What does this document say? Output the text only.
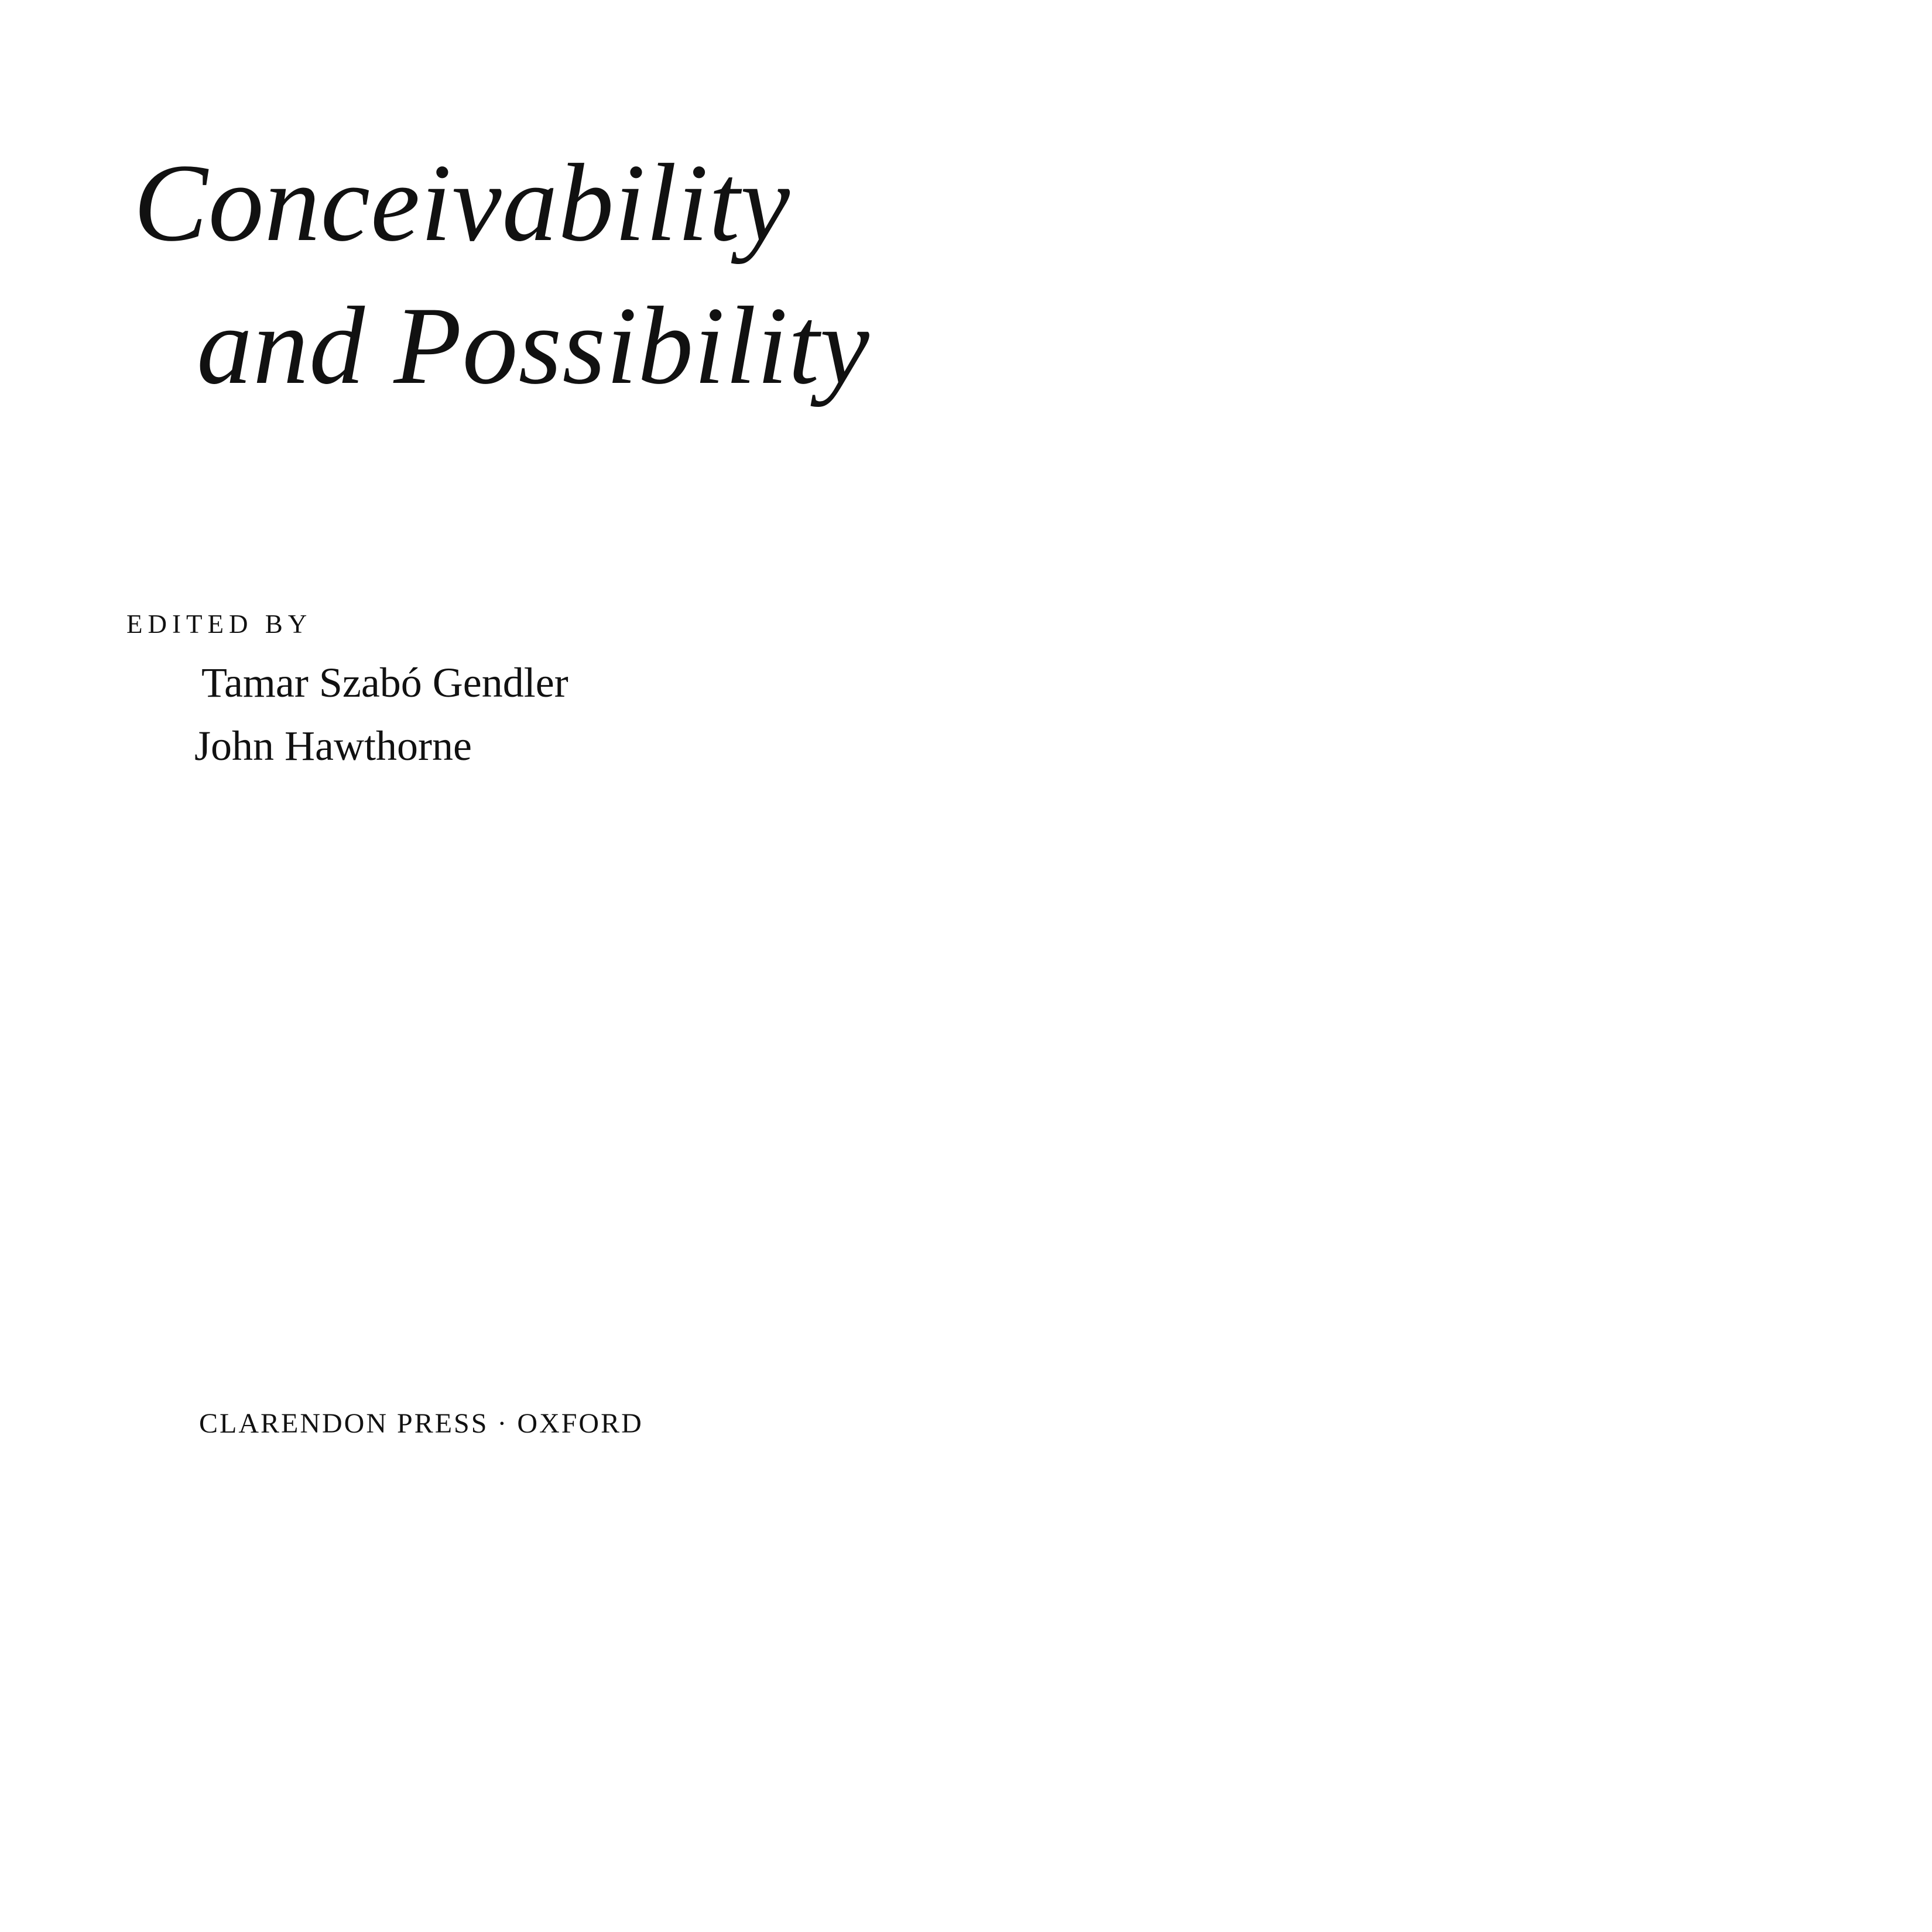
Conceivability
and Possibility
EDITED BY
Tamar Szabó Gendler
John Hawthorne
CLARENDON PRESS · OXFORD
